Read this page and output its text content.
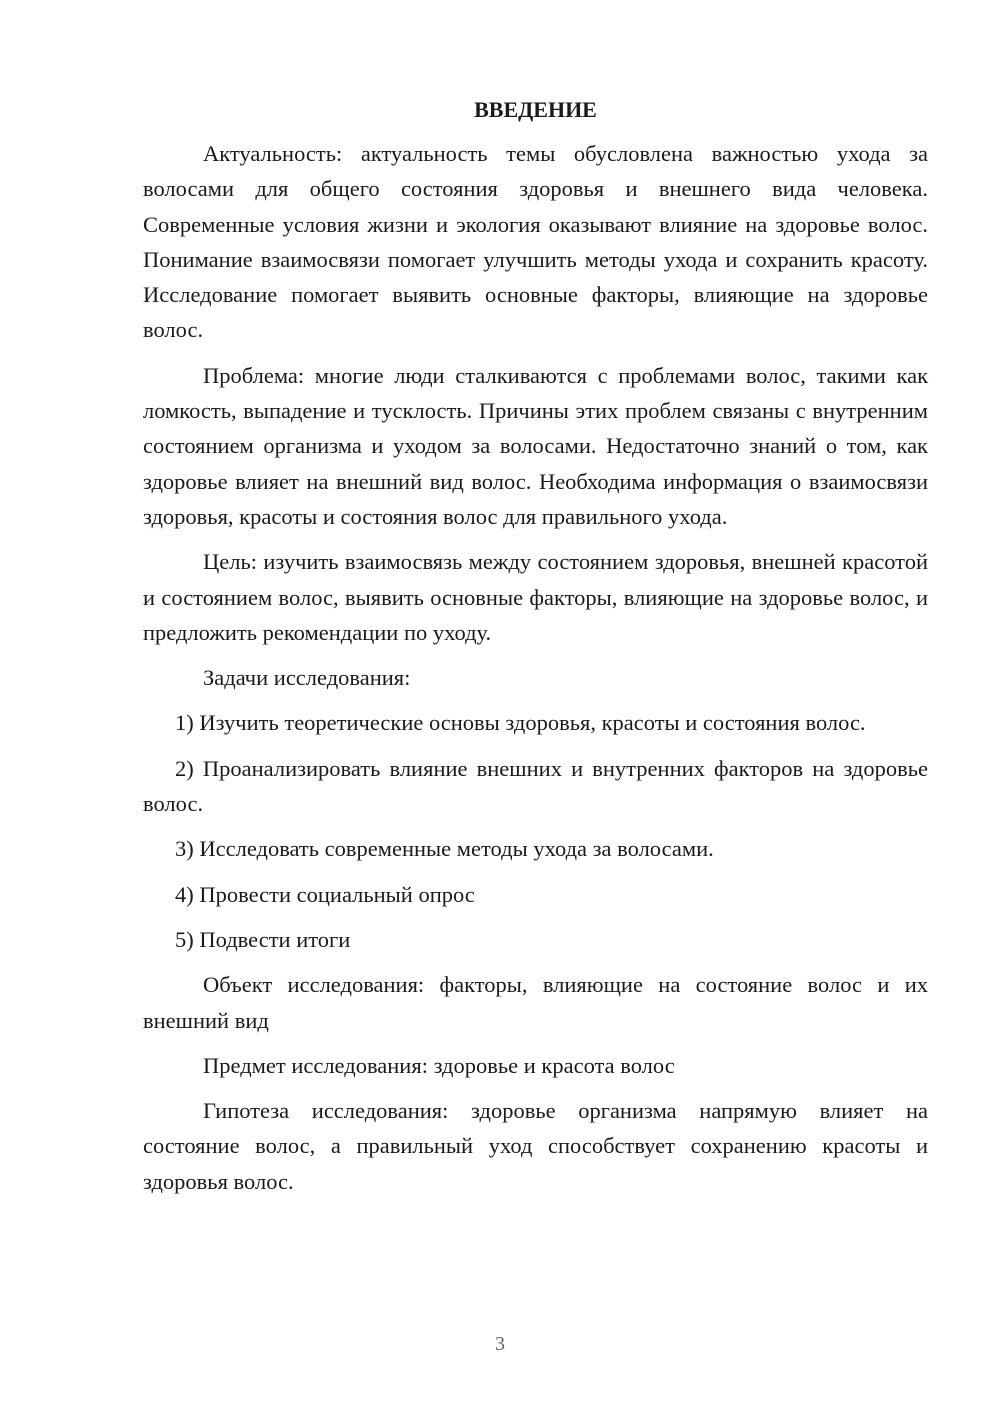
ВВЕДЕНИЕ

Актуальность: актуальность темы обусловлена важностью ухода за волосами для общего состояния здоровья и внешнего вида человека. Современные условия жизни и экология оказывают влияние на здоровье волос. Понимание взаимосвязи помогает улучшить методы ухода и сохранить красоту. Исследование помогает выявить основные факторы, влияющие на здоровье волос.

Проблема: многие люди сталкиваются с проблемами волос, такими как ломкость, выпадение и тусклость. Причины этих проблем связаны с внутренним состоянием организма и уходом за волосами. Недостаточно знаний о том, как здоровье влияет на внешний вид волос. Необходима информация о взаимосвязи здоровья, красоты и состояния волос для правильного ухода.

Цель: изучить взаимосвязь между состоянием здоровья, внешней красотой и состоянием волос, выявить основные факторы, влияющие на здоровье волос, и предложить рекомендации по уходу.

Задачи исследования:

1) Изучить теоретические основы здоровья, красоты и состояния волос.

2) Проанализировать влияние внешних и внутренних факторов на здоровье волос.

3) Исследовать современные методы ухода за волосами.

4) Провести социальный опрос

5) Подвести итоги

Объект исследования: факторы, влияющие на состояние волос и их внешний вид

Предмет исследования: здоровье и красота волос

Гипотеза исследования: здоровье организма напрямую влияет на состояние волос, а правильный уход способствует сохранению красоты и здоровья волос.

3
